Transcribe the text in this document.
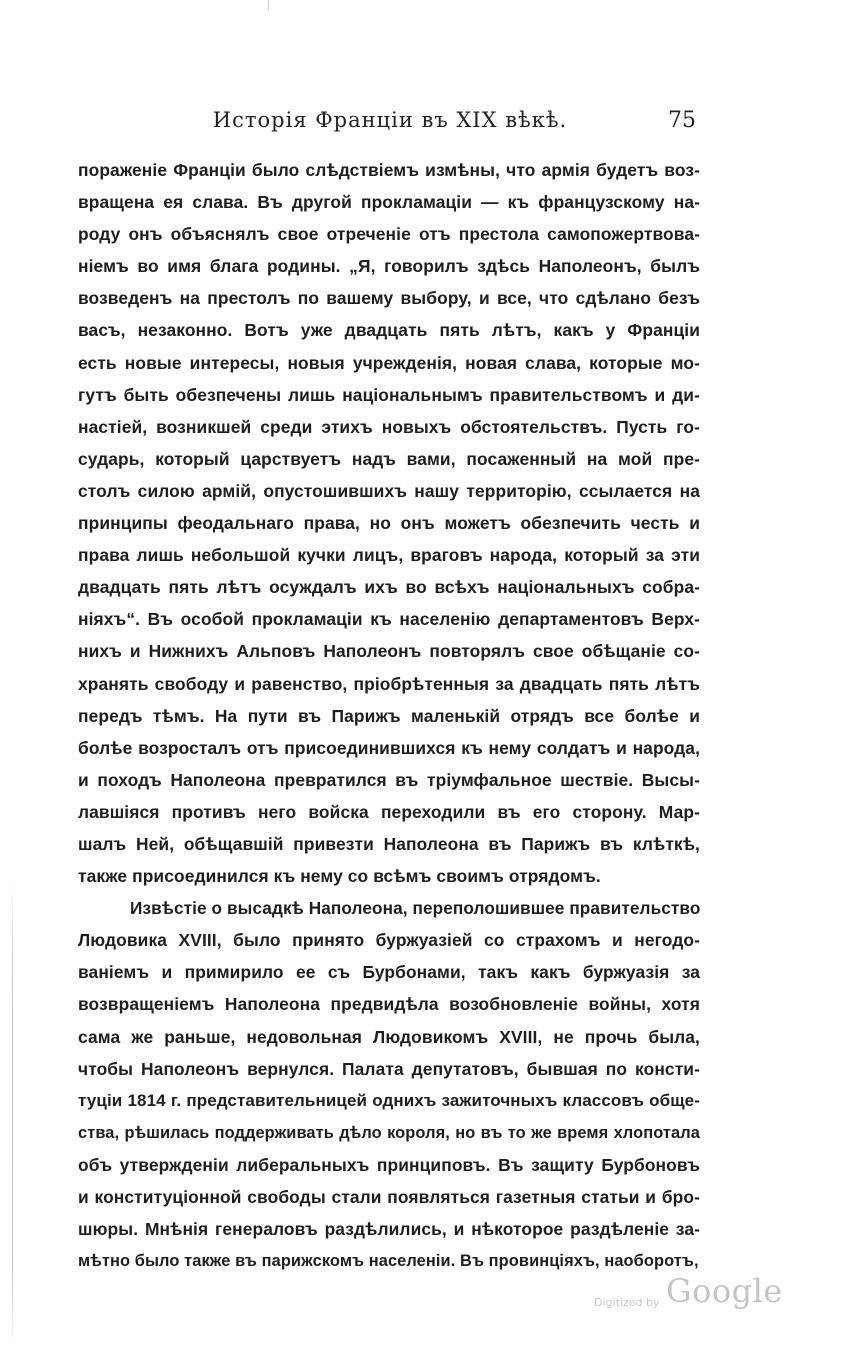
Исторія Франціи въ XIX вѣкѣ.	75

пораженіе Франціи было слѣдствіемъ измѣны, что армія будетъ воз-
вращена ея слава. Въ другой прокламаціи — къ французскому на-
роду онъ объяснялъ свое отреченіе отъ престола самопожертвова-
ніемъ во имя блага родины. „Я, говорилъ здѣсь Наполеонъ, былъ
возведенъ на престолъ по вашему выбору, и все, что сдѣлано безъ
васъ, незаконно. Вотъ уже двадцать пять лѣтъ, какъ у Франціи
есть новые интересы, новыя учрежденія, новая слава, которые мо-
гутъ быть обезпечены лишь національнымъ правительствомъ и ди-
настіей, возникшей среди этихъ новыхъ обстоятельствъ. Пусть го-
сударь, который царствуетъ надъ вами, посаженный на мой пре-
столъ силою армій, опустошившихъ нашу территорію, ссылается на
принципы феодальнаго права, но онъ можетъ обезпечить честь и
права лишь небольшой кучки лицъ, враговъ народа, который за эти
двадцать пять лѣтъ осуждалъ ихъ во всѣхъ національныхъ собра-
ніяхъ“. Въ особой прокламаціи къ населенію департаментовъ Верх-
нихъ и Нижнихъ Альповъ Наполеонъ повторялъ свое обѣщаніе со-
хранять свободу и равенство, пріобрѣтенныя за двадцать пять лѣтъ
передъ тѣмъ. На пути въ Парижъ маленькій отрядъ все болѣе и
болѣе возросталъ отъ присоединившихся къ нему солдатъ и народа,
и походъ Наполеона превратился въ тріумфальное шествіе. Высы-
лавшіяся противъ него войска переходили въ его сторону. Мар-
шалъ Ней, обѣщавшій привезти Наполеона въ Парижъ въ клѣткѣ,
также присоединился къ нему со всѣмъ своимъ отрядомъ.

Извѣстіе о высадкѣ Наполеона, переполошившее правительство
Людовика XVIII, было принято буржуазіей со страхомъ и негодо-
ваніемъ и примирило ее съ Бурбонами, такъ какъ буржуазія за
возвращеніемъ Наполеона предвидѣла возобновленіе войны, хотя
сама же раньше, недовольная Людовикомъ XVIII, не прочь была,
чтобы Наполеонъ вернулся. Палата депутатовъ, бывшая по консти-
туціи 1814 г. представительницей однихъ зажиточныхъ классовъ обще-
ства, рѣшилась поддерживать дѣло короля, но въ то же время хлопотала
объ утвержденіи либеральныхъ принциповъ. Въ защиту Бурбоновъ
и конституціонной свободы стали появляться газетныя статьи и бро-
шюры. Мнѣнія генераловъ раздѣлились, и нѣкоторое раздѣленіе за-
мѣтно было также въ парижскомъ населеніи. Въ провинціяхъ, наоборотъ,

Digitized by Google
